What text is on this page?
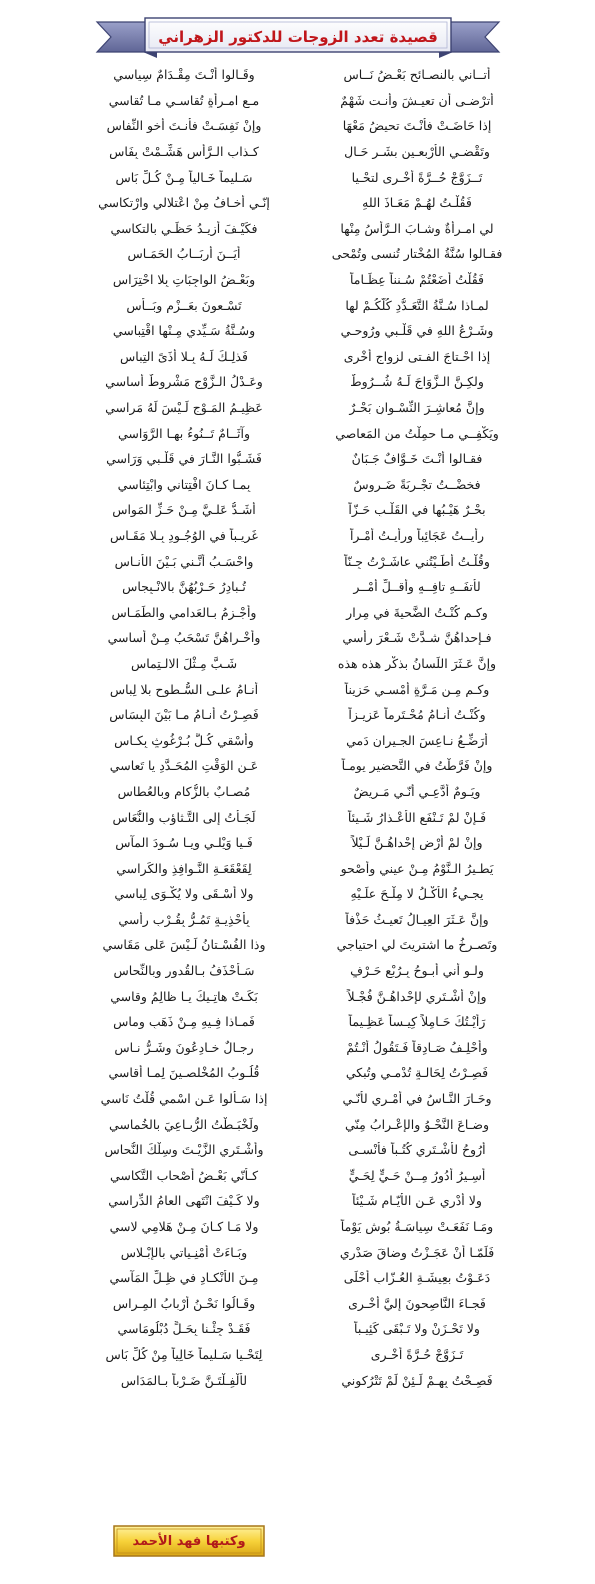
قصيدة تعدد الزوجات للدكتور الزهراني
أتــاني بالنصـائح بَعْـضُ نَــاس
وقَـالوا أنْـتَ مِقْـدَامٌ سِياسي
أترْضـى أن تعيـشَ وأنـت شَهْمٌ
مـع امـرأةٍ تُقاسـي مـا تُقاسي
إذا حَاضَـتْ فأنْـتَ تحيضُ مَعْهَا
وإنْ نَفِسَـتْ فأنـتَ أخو النِّفاسِ
وتَقْضـي الأَرْبعـين بشَـرِ حَـالٍ
كـذابِ الـرَّأسِ هَشِّـمْتْ بِفَاسِ
تَــزَوَّجْ حُــرَّةً أخْـرى لتحْـيا
سَـليماً خَـالياً مِـنْ كُـلِّ بَاسِ
فَقُلْـتُ لهُـمْ مَعَـاذَ اللهِ
إنّـي أخـافُ مِنْ اعْتلالي وارْتكاسي
لي امـرأةٌ وشـابَ الـرَّأسُ مِنْها
فكَيْـفَ أزيـدُ حَظِّـي بالتكاسي
فقـالوا سُنَّةُ المُخْتارِ تُنسى وتُمْحى
أيَــنَ أربَــابُ الحَمَـاسِ
فَقُلْتُ أضَعْتُمْ سُـنناً عِظَـاماً
وبَعْـضُ الواجِبَاتِ بِلا احْتِرَاسِ
لمـاذا سُـنَّةُ التَّعَـدُّدِ كُلُّكُـمْ لها
تَسْـعونَ بعَــزْمٍ وبَــأْسِ
وشَـرْعُ اللهِ في قَلْـبي ورُوحـي
وسُـنَّةُ سَـيِّدي مِـنْها اقْتِباسي
إذا احْـتاجَ الفـتى لزواجٍ أخْرى
فَذلِـكَ لَـهُ بِـلا أذَىً التِباسِ
ولكِـنَّ الـزَّوَاجَ لَـهُ شُــرُوطٌ
وعَـدْلُ الـزَّوْجِ مَشْروطٌ أساسي
وإنَّ مُعاشِـرَ النِّسْـوانِ بَحْـرٌ
عَظِيـمُ المَـوْجِ لَـيْسَ لَهُ مَراسي
ويَكْفِــي مـا حمِلْتُ من المَعاصي
وآثَــامٌ تَــنُوءُ بهـا الرَّوَاسي
فقـالوا أنْـتَ خَـوَّافٌ جَـبَانٌ
فَشَـبُّوا النَّـارَ في قَلْـبي وَرَاسي
فخضْــتُ تجْـرِبَةً ضَـروسٌ
بِمـا كـانَ افْتِتاني وابْتِئاسي
بحْـرٌ هَيْـبُها في القَلْـبِ حَـزّاً
أشَـدُّ عَلـيَّ مِـنْ حَـزِّ المَواسِ
رأيــتُ عَجَائِباً ورأيـتُ أمْـراً
غَريـباً في الوُجُـودِ بِـلا مَقَـاسِ
وقُلْـتُ أطَـيْتُني عاشَـرْتُ جِـنّاً
واحْسَـبُ أنَّـني بَـيْنَ الأُنـاسِ
لأتفَــهِ تافِــهٍ وأقــلِّ أمْــرٍ
تُـبادِرُ حَـرْبُهُنَّ بالانْـبِجاسِ
وكـم كُنْـتُ الضَّحيةَ في مِرارٍ
وأجْـزِمُ بـالعَدامي والطِّمَـاسِ
فـإحداهُنَّ شـدَّتْ شَـعْرَ رأسي
وأُخْـراهُنَّ تَسْحَبُ مِـنْ أساسي
وإنَّ عَـثَرَ اللِّسانُ بذكْرِ هذه هذه
شَـبَّ مِـثْلَ الالـتِماسِ
وكـم مِـن مَـرَّةٍ أُمْسـي حَزيناً
أنـامُ علـى السُّـطوحِ بلا لِباسِ
وكُنْـتُ أنـامُ مُحْـتَرماً عَزيـزاً
فَصِـرْتُ أنـامُ مـا بَيْنَ البِسَاسِ
أُرَضِّـعُ نـاعِسَ الجـيرانِ دَمي
وأَسْقي كُـلَّ بُـرْغُوثٍ بِكـاسِ
وإنْ فَرَّطْتُ في التَّحضيرِ يومـاً
عَـنِ الوَقْتِ المُحَـدَّدِ يا تَعاسي
ويَـومٌ أدَّعِـي أنّـي مَـريضٌ
مُصـابٌ بالزُّكامِ وبالعُطاسِ
فَـإنْ لمْ تَـنْفَعِ الأعْـذارُ شَـيئاً
لَجَـأْتُ إلى التَّـثاؤبِ والنُّعَاسِ
وإنْ لمْ أرْضِ إحْداهُـنَّ لَـيْلاً
فَـيا وَيْلـي ويـا سُـودَ المآسِ
يَطـيرُ الـنَّوْمُ مِـنْ عيني وأصْحو
لِقَعْقَعَـةِ النَّـوافِذِ والكَراسي
يجـيءُ الأكْـلُ لا مِلْـحَ علَـيْهِ
ولا أُسْـقَى ولا يُكْـوَى لِباسي
وإنَّ عَـثَرَ العِيـالُ تَعيـثُ حَذْفاً
بِأحْذِيـةٍ تَمُـرُّ بِقُـرْبِ رأسي
وتَصـرخُ ما اشتريتَ لي احتياجي
وذا الفُسْـتانُ لَـيْسَ عَلى مَقَاسي
ولـو أني أبـوحُ بِـرُبْعِ حَـرْفٍ
سَـأُحْذَفُ بـالقُدورِ وبالنِّحاسِ
وإنْ أشْـتَري لإحْداهُـنَّ فُجْـلاً
بَكَـتْ هاتِـيكَ يـا ظالِمُ وقاسي
رَأيْـتُكَ حَـامِلاً كِيـساً عَظِـيماً
فَمـاذا فِـيهِ مِـنْ ذَهَبٍ وماسِ
وأحْلِـفُ صَـادِقاً فَـتَقُولُ أنْـتُمْ
رِجـالٌ خـادِعُونَ وشَـرُّ نـاسِ
فَصِـرْتُ لِحَالـةٍ تُدْمـي وتُبكي
قُلُـوبُ المُخْلصـينَ لِمـا أُقاسي
وحَـارَ النَّـاسُ في أمْـري لأنّـي
إذا سَـألوا عَـنِ اسْمي قُلْتُ نَاسي
وضـاعَ النَّحْـوُ والإعْـرابُ مِنّي
ولَخْبَـطْتُ الرُّبـاعِيَ بالخُماسي
أرُوحُ لأشْـتَري كُتُـباً فأنْسـى
وأشْـتَري الزَّيْـتَ وسِلْكَ النُّحاسِ
أسِـيرُ أدُورُ مِــنْ حَـيٍّ لِحَـيٍّ
كـأنّي بَعْـضُ أصْحابِ التَّكاسي
ولا أدْري عَـنِ الأيّـامِ شَـيْئاً
ولا كَـيْفَ انْتَهى العامُ الدِّراسي
ومَـا نَفَعَـتْ سِياسَـةُ بُوشٍ يَوْماً
ولا مَـا كـانَ مِـنْ هَلامِي لاسي
فَلَمّـا أنْ عَجَـزْتُ وضاقَ صَدْري
وبَـاءَتْ أُمْنِـياتي بالإبْـلاسِ
دَعَـوْتُ بعِيشَـةِ العُـزّابِ أحْلَى
مِـنَ الأنْكـادِ في ظِـلِّ المَآسي
فَجـاءَ النَّاصِحونَ إليَّ أُخْـرى
وقَـالُوا نَحْـنُ أرْبابُ المِـراسِ
ولا تَحْـزَنْ ولا تَـبْقَى كَئِيـباً
فَقَـدْ جِئْـنا بِحَـلٍّ دُبْلُومَاسي
تَـزَوَّجْ حُـرَّةً أُخْـرى
لِتَحْـيا سَـليماً خَالِياً مِنْ كُلِّ بَاسِ
فَصِـحْتُ بِهِـمْ لَـئِنْ لَمْ تَتْرُكوني
لأُلْفِـلْتَـنَّ ضَـرْباً بـالمَدَاسِ
وكتبها فهد الأحمد
